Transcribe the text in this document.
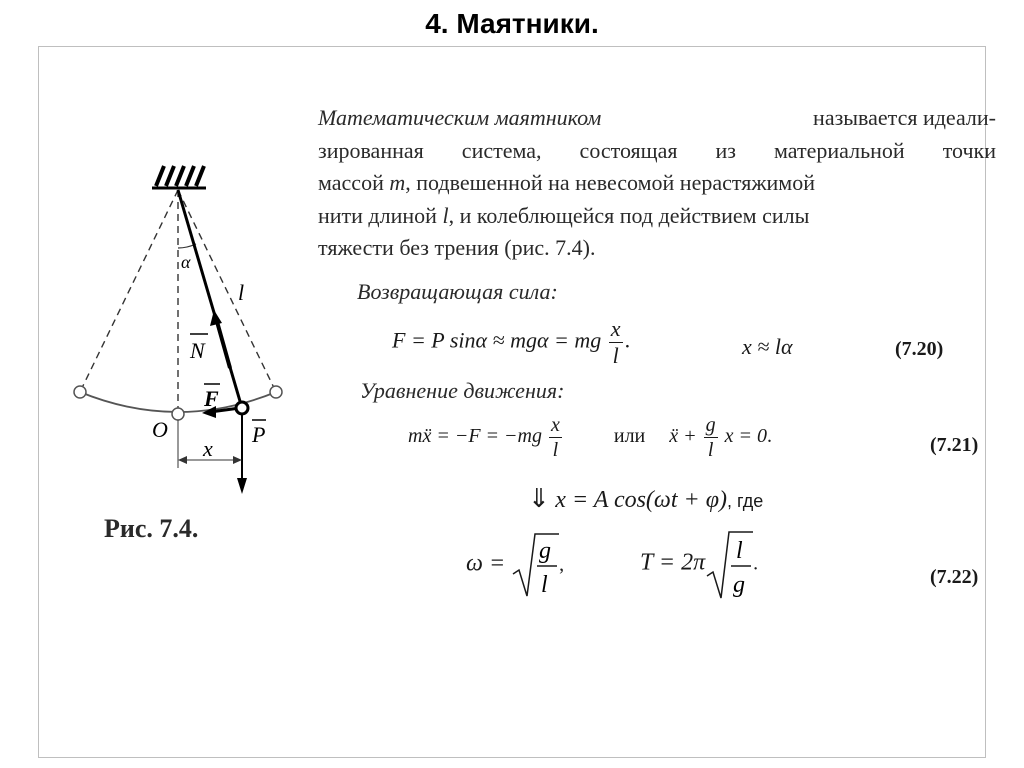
4. Маятники.
α
l
N
F
O	P
x
Рис. 7.4.
Математическим маятником	называется идеали-
зированная система, состоящая из материальной точки
массой m, подвешенной на невесомой нерастяжимой
нити длиной l, и колеблющейся под действием силы
тяжести без трения (рис. 7.4).
Возвращающая сила:
F = P sinα ≈ mgα = mg $\frac{x}{l}$ .	x ≈ lα	(7.20)
Уравнение движения:
mẍ = $-F = -mg \frac{x}{l}$	или ẍ + $\frac{g}{l}$ x = 0.	(7.21)
⇓ x = A cos(ωt + φ), где
ω = g
l
,	T = 2π l
g
.
(7.22)
